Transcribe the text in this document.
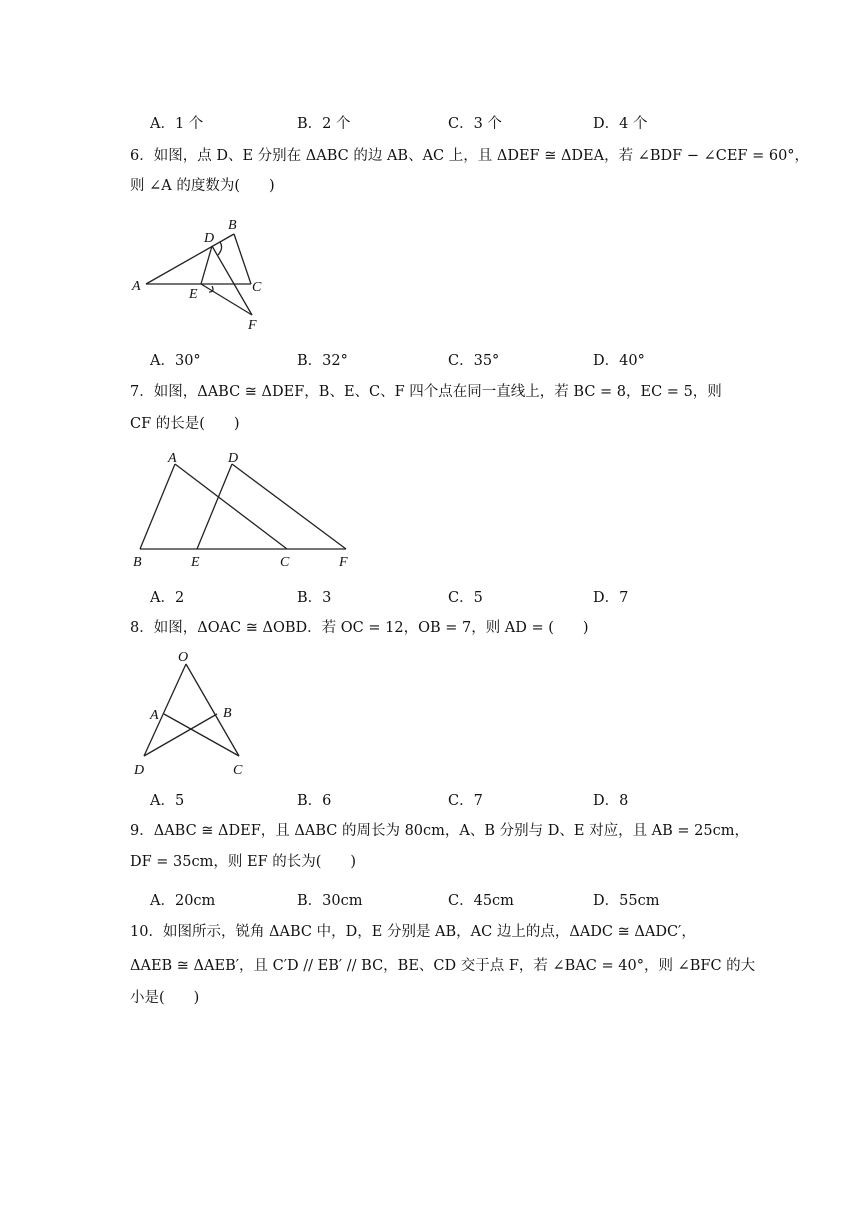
A．1 个	B．2 个	C．3 个	D．4 个
6．如图，点 D、E 分别在 ΔABC 的边 AB、AC 上，且 ΔDEF ≅ ΔDEA，若 ∠BDF − ∠CEF = 60°，
则 ∠A 的度数为(　　)
A
B
C
D
E
F
A．30°	B．32°	C．35°	D．40°
7．如图，ΔABC ≅ ΔDEF，B、E、C、F 四个点在同一直线上，若 BC = 8，EC = 5，则
CF 的长是(　　)
A	D
B	E	C	F
A．2	B．3	C．5	D．7
8．如图，ΔOAC ≅ ΔOBD．若 OC = 12，OB = 7，则 AD = (　　)
O
A	B
D	C
A．5	B．6	C．7	D．8
9．ΔABC ≅ ΔDEF，且 ΔABC 的周长为 80cm，A、B 分别与 D、E 对应，且 AB = 25cm，
DF = 35cm，则 EF 的长为(　　)
A．20cm	B．30cm	C．45cm	D．55cm
10．如图所示，锐角 ΔABC 中，D，E 分别是 AB，AC 边上的点，ΔADC ≅ ΔADC′，
ΔAEB ≅ ΔAEB′，且 C′D // EB′ // BC，BE、CD 交于点 F，若 ∠BAC = 40°，则 ∠BFC 的大
小是(　　)
